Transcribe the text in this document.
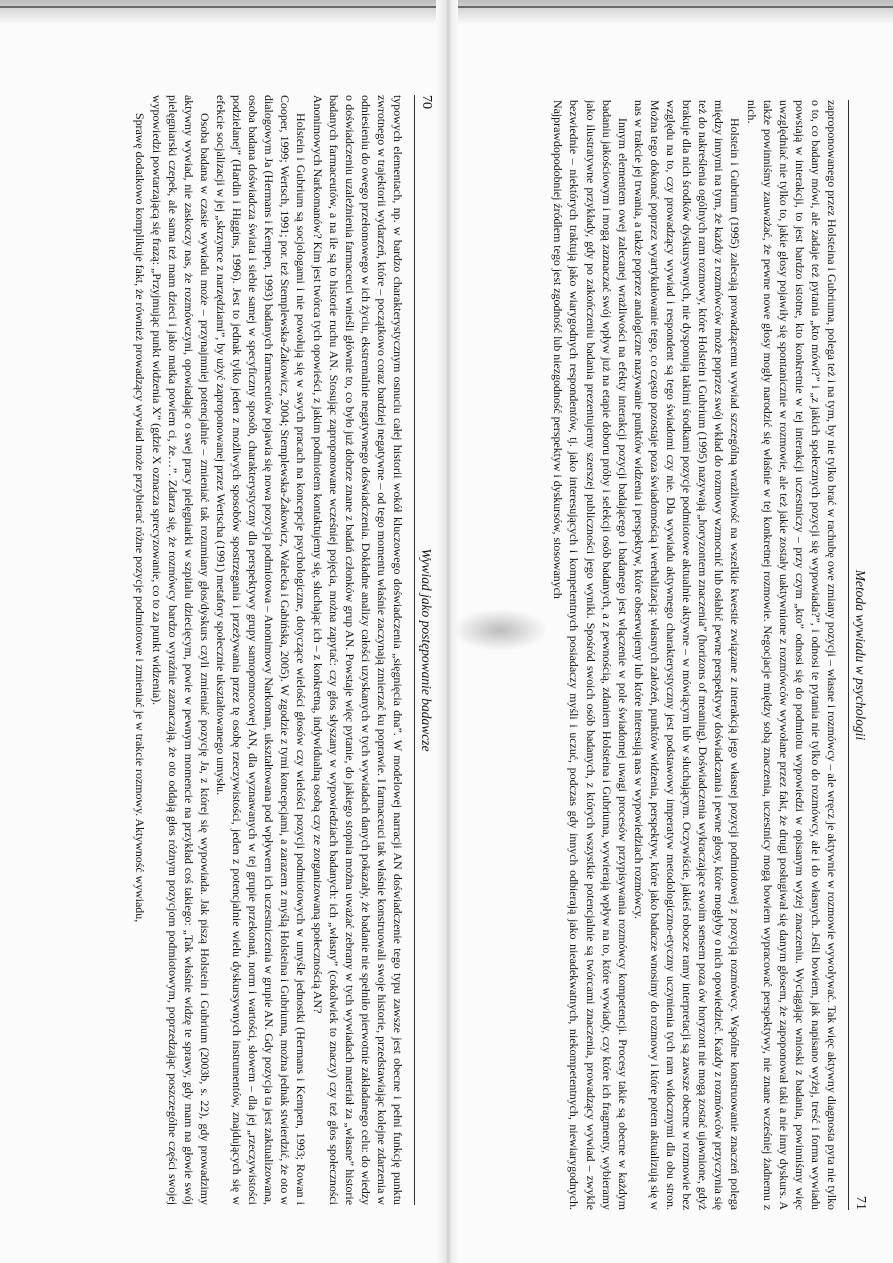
70
Wywiad jako postępowanie badawcze

typowych elementach, np. w bardzo charakterystycznym osnuciu całej historii wokół kluczowego doświadczenia „sięgnięcia dna”. W modelowej narracji AN doświadczenie tego typu zawsze jest obecne i pełni funkcję punktu zwrotnego w trajektorii wydarzeń, które – początkowo coraz bardziej negatywne – od tego momentu właśnie zaczynają zmierzać ku poprawie. I farmaceuci tak właśnie konstruowali swoje historie, przedstawiając kolejne zdarzenia w odniesieniu do owego przełomowego w ich życiu, ekstremalnie negatywnego doświadczenia. Dokładne analizy całości uzyskanych w tych wywiadach danych pokazały, że badanie nie spełniło pierwotnie zakładanego celu: do wiedzy o doświadczeniu uzależnienia farmaceuci wnieśli głównie to, co było już dobrze znane z badań członków grup AN. Powstaje więc pytanie, do jakiego stopnia można uważać zebrany w tych wywiadach materiał za „własne” historie badanych farmaceutów, a na ile są to historie ruchu AN. Stosując zaproponowane wcześniej pojęcia, można zapytać: czy głos słyszany w wypowiedziach badanych: ich „własny” (cokolwiek to znaczy) czy też głos społeczności Anonimowych Narkomanów? Kim jest twórca tych opowieści, z jakim podmiotem kontaktujemy się, słuchając ich – z konkretną, indywidualną osobą czy ze zorganizowaną społecznością AN?

Holstein i Gubrium są socjologami i nie powołują się w swych pracach na koncepcje psychologiczne, dotyczące wielości głosów czy wielości pozycji podmiotowych w umyśle jednostki (Hermans i Kempen, 1993; Rowan i Cooper, 1999; Wertsch, 1991; por. też Stemplewska-Żakowicz, 2004; Stemplewska-Żakowicz, Walecka i Gabińska, 2005). W zgodzie z tymi koncepcjami, a zarazem z myślą Holsteina i Gubriuma, można jednak stwierdzić, że oto w dialogowym Ja (Hermans i Kempen, 1993) badanych farmaceutów pojawia się nowa pozycja podmiotowa – Anonimowy Narkoman, ukształtowana pod wpływem ich uczestniczenia w grupie AN. Gdy pozycja ta jest zaktualizowana, osoba badana doświadcza świata i siebie samej w specyficzny sposób, charakterystyczny dla perspektywy grupy samopomocowej AN, dla wyznawanych w tej grupie przekonań, norm i wartości, słowem – dla jej „rzeczywistości podzielanej” (Hardin i Higgins, 1996). Jest to jednak tylko jeden z możliwych sposobów spostrzegania i przeżywania przez tę osobę rzeczywistości, jeden z potencjalnie wielu dyskursywnych instrumentów, znajdujących się w efekcie socjalizacji w jej „skrzynce z narzędziami”, by użyć zaproponowanej przez Wertscha (1991) metafory społecznie ukształtowanego umysłu.

Osoba badana w czasie wywiadu może – przynajmniej potencjalnie – zmieniać tak rozumiany głos/dyskurs czyli zmieniać pozycję Ja, z której się wypowiada. Jak piszą Holstein i Gubrium (2003b, s. 22), gdy prowadzimy aktywny wywiad, nie zaskoczy nas, że rozmówczyni, opowiadając o swej pracy pielęgniarki w szpitalu dziecięcym, powie w pewnym momencie na przykład coś takiego: „Tak właśnie widzę te sprawy, gdy mam na głowie swój pielęgniarski czepek, ale sama też mam dzieci i jako matka powiem ci, że…”. Zdarza się, że rozmówcy bardzo wyraźnie zaznaczają, że oto oddają głos różnym pozycjom podmiotowym, poprzedzając poszczególne części swojej wypowiedzi powtarzającą się frazą: „Przyjmując punkt widzenia X” (gdzie X oznacza sprecyzowanie, co to za punkt widzenia).

Sprawę dodatkowo komplikuje fakt, że również prowadzący wywiad może przybierać różne pozycje podmiotowe i zmieniać je w trakcie rozmowy. Aktywność wywiadu,	Metoda wywiadu w psychologii
71

zaproponowanego przez Holsteina i Gubriuma, polega też i na tym, by nie tylko brać w rachubę owe zmiany pozycji – własne i rozmówcy – ale wręcz je aktywnie w rozmowie wywoływać. Tak więc aktywny diagnosta pyta nie tylko o to, co badany mówi, ale zadaje też pytania „kto mówi?” i „z jakich społecznych pozycji się wypowiada?”, i odnosi te pytania nie tylko do rozmówcy, ale i do własnych. Jeśli bowiem, jak napisano wyżej, treść i forma wywiadu powstają w interakcji, to jest bardzo istotne, kto konkretnie w tej interakcji uczestniczy – przy czym „kto” odnosi się do podmiotu wypowiedzi w opisanym wyżej znaczeniu. Wyciągając wnioski z badania, powinniśmy więc uwzględniać nie tylko to, jakie głosy pojawiły się spontanicznie w rozmowie, ale też jakie zostały uaktywnione z rozmówców wywołane przez fakt, że drugi posługiwał się danym głosem, że zapoponował taki a nie inny dyskurs. A także powinniśmy zauważać, że pewne nowe głosy mogły narodzić się właśnie w tej konkretnej rozmowie. Negocjacje między sobą znaczenia, uczestnicy mogą bowiem wypracować perspektywy, nie znane wcześniej żadnemu z nich.

Holstein i Gubrium (1995) zalecają prowadzącemu wywiad szczególną wrażliwość na wszelkie kwestie związane z interakcją jego własnej pozycji podmiotowej z pozycją rozmówcy. Wspólne konstruowanie znaczeń polega między innymi na tym, że każdy z rozmówców może poprzez swój wkład do rozmowy wzmocnić lub osłabić pewne perspektywy doświadczania i pewne głosy, które mogłyby o nich opowiedzieć. Każdy z rozmówców przyczynia się też do nakreślenia ogólnych ram rozmowy, które Holstein i Gubrium (1995) nazywają „horyzontem znaczenia” (horizons of meaning). Doświadczenia wykraczające swoim sensem poza ów horyzont nie mogą zostać ujawnione, gdyż brakuje dla nich środków dyskursywnych, nie dysponują takimi środkami pozycje podmiotowe aktualnie aktywne – w mówiącym lub w słuchającym. Oczywiście, jakieś robocze ramy interpretacji są zawsze obecne w rozmowie bez względu na to, czy prowadzący wywiad i respondent są tego świadomi czy nie. Dla wywiadu aktywnego charakterystyczny jest podstawowy imperatyw metodologiczno-etyczny uczynienia tych ram widocznymi dla obu stron. Można tego dokonać poprzez wyartykułowanie tego, co często pozostaje poza świadomością i werbalizacją: własnych założeń, punktów widzenia, perspektyw, które jako badacze wnosimy do rozmowy i które potem aktualizują się w nas w trakcie jej trwania, a także poprzez analogiczne nazywanie punktów widzenia i perspektyw, które obserwujemy lub które interesują nas w wypowiedziach rozmówcy.

Innym elementem owej zalecanej wrażliwości na efekty interakcji pozycji badającego i badanego jest włączenie w pole świadomej uwagi procesów przypisywania rozmówcy kompetencji. Procesy takie są obecne w każdym badaniu jakościowym i mogą zaznaczać swój wpływ już na etapie doboru próby i selekcji osób badanych, a z pewnością, zdaniem Holsteina i Gubriuma, wywierają wpływ na to, które wywiady, czy które ich fragmenty, wybieramy jako ilustratywne przykłady, gdy po zakończeniu badania prezentujemy szerszej publiczności jego wyniki. Spośród swoich osób badanych, z których wszystkie potencjalnie są twórcami znaczenia, prowadzący wywiad – zwykle bezwiednie – niektórych traktują jako wiarygodnych respondentów, tj. jako interesujących i kompetentnych posiadaczy myśli i uczuć, podczas gdy innych odbierają jako nieadekwatnych, niekompetentnych, niewiarygodnych. Najprawdopodobniej źródłem tego jest zgodność lub niezgodność perspektyw i dyskursów, stosowanych
